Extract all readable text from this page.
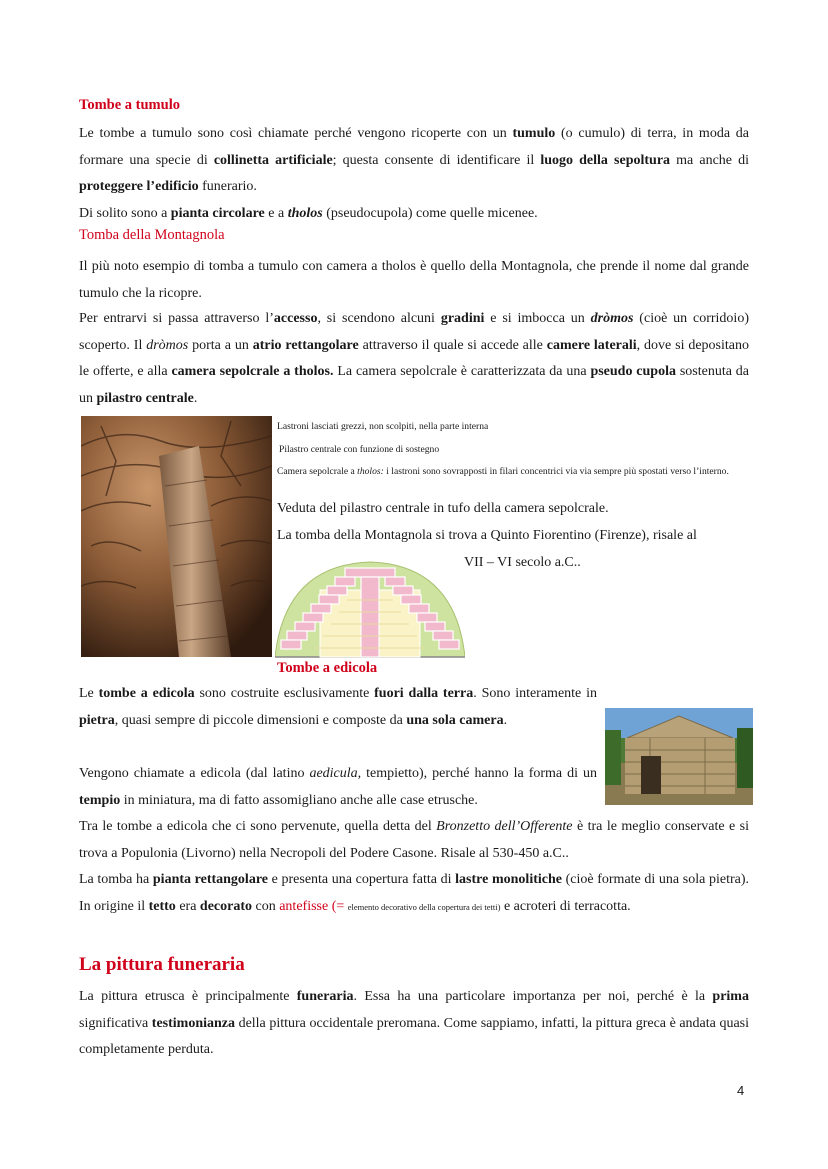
Tombe a tumulo
Le tombe a tumulo sono così chiamate perché vengono ricoperte con un tumulo (o cumulo) di terra, in moda da formare una specie di collinetta artificiale; questa consente di identificare il luogo della sepoltura ma anche di proteggere l’edificio funerario.
Di solito sono a pianta circolare e a tholos (pseudocupola) come quelle micenee.
Tomba della Montagnola
Il più noto esempio di tomba a tumulo con camera a tholos è quello della Montagnola, che prende il nome dal grande tumulo che la ricopre.
Per entrarvi si passa attraverso l’accesso, si scendono alcuni gradini e si imbocca un dròmos (cioè un corridoio) scoperto. Il dròmos porta a un atrio rettangolare attraverso il quale si accede alle camere laterali, dove si depositano le offerte, e alla camera sepolcrale a tholos. La camera sepolcrale è caratterizzata da una pseudo cupola sostenuta da un pilastro centrale.
Lastroni lasciati grezzi, non scolpiti, nella parte interna
Pilastro centrale con funzione di sostegno
Camera sepolcrale a tholos: i lastroni sono sovrapposti in filari concentrici via via sempre più spostati verso l’interno.
Veduta del pilastro centrale in tufo della camera sepolcrale.
La tomba della Montagnola si trova a Quinto Fiorentino (Firenze), risale al
VII – VI secolo a.C..
Tombe a edicola
Le tombe a edicola sono costruite esclusivamente fuori dalla terra. Sono interamente in pietra, quasi sempre di piccole dimensioni e composte da una sola camera.
Vengono chiamate a edicola (dal latino aedicula, tempietto), perché hanno la forma di un tempio in miniatura, ma di fatto assomigliano anche alle case etrusche.
Tra le tombe a edicola che ci sono pervenute, quella detta del Bronzetto dell’Offerente è tra le meglio conservate e si trova a Populonia (Livorno) nella Necropoli del Podere Casone. Risale al 530-450 a.C..
La tomba ha pianta rettangolare e presenta una copertura fatta di lastre monolitiche (cioè formate di una sola pietra). In origine il tetto era decorato con antefisse (= elemento decorativo della copertura dei tetti) e acroteri di terracotta.
La pittura funeraria
La pittura etrusca è principalmente funeraria. Essa ha una particolare importanza per noi, perché è la prima significativa testimonianza della pittura occidentale preromana. Come sappiamo, infatti, la pittura greca è andata quasi completamente perduta.
4
